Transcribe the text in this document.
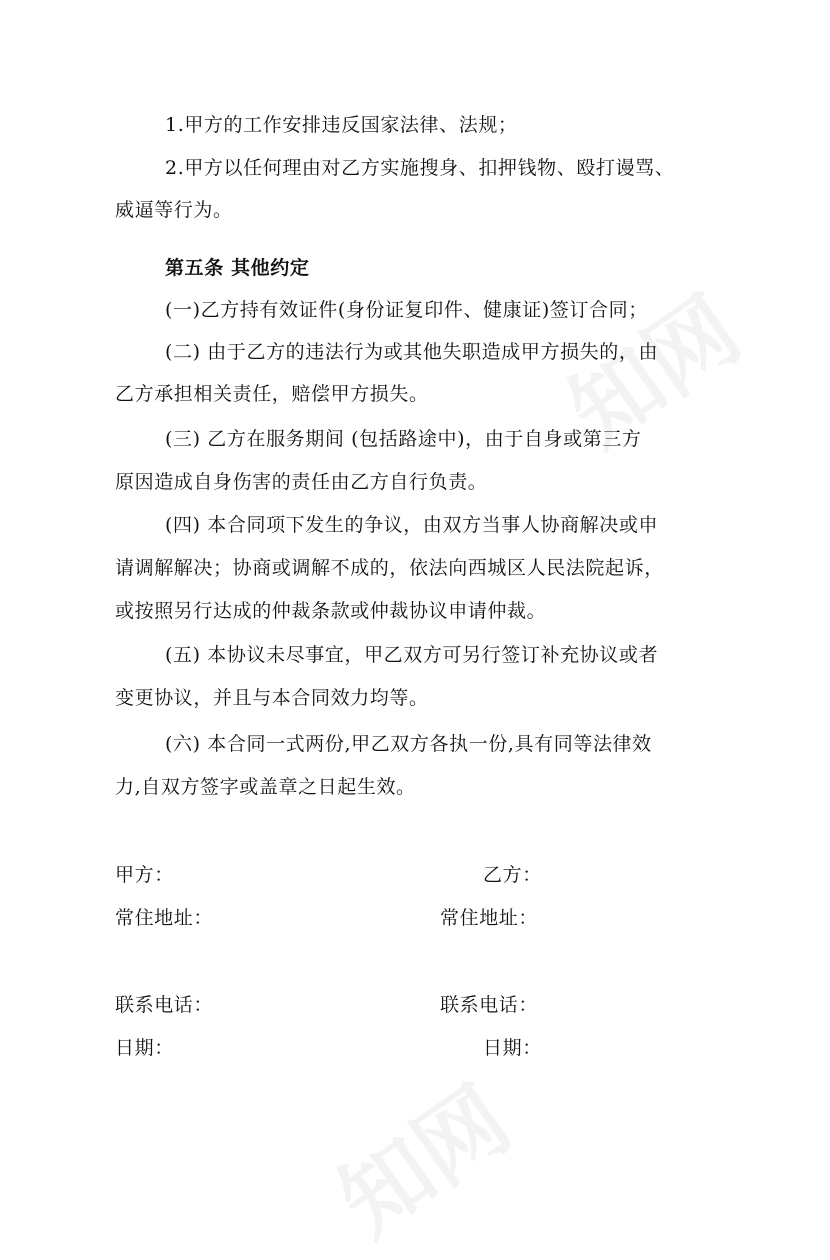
1.甲方的工作安排违反国家法律、法规；
2.甲方以任何理由对乙方实施搜身、扣押钱物、殴打谩骂、
威逼等行为。
第五条 其他约定
(一)乙方持有效证件(身份证复印件、健康证)签订合同；
(二) 由于乙方的违法行为或其他失职造成甲方损失的，由
乙方承担相关责任，赔偿甲方损失。
(三) 乙方在服务期间 (包括路途中)，由于自身或第三方
原因造成自身伤害的责任由乙方自行负责。
(四) 本合同项下发生的争议，由双方当事人协商解决或申
请调解解决；协商或调解不成的，依法向西城区人民法院起诉，
或按照另行达成的仲裁条款或仲裁协议申请仲裁。
(五) 本协议未尽事宜，甲乙双方可另行签订补充协议或者
变更协议，并且与本合同效力均等。
(六) 本合同一式两份,甲乙双方各执一份,具有同等法律效
力,自双方签字或盖章之日起生效。
甲方：	乙方：
常住地址：	常住地址：
联系电话：	联系电话：
日期：	日期：
